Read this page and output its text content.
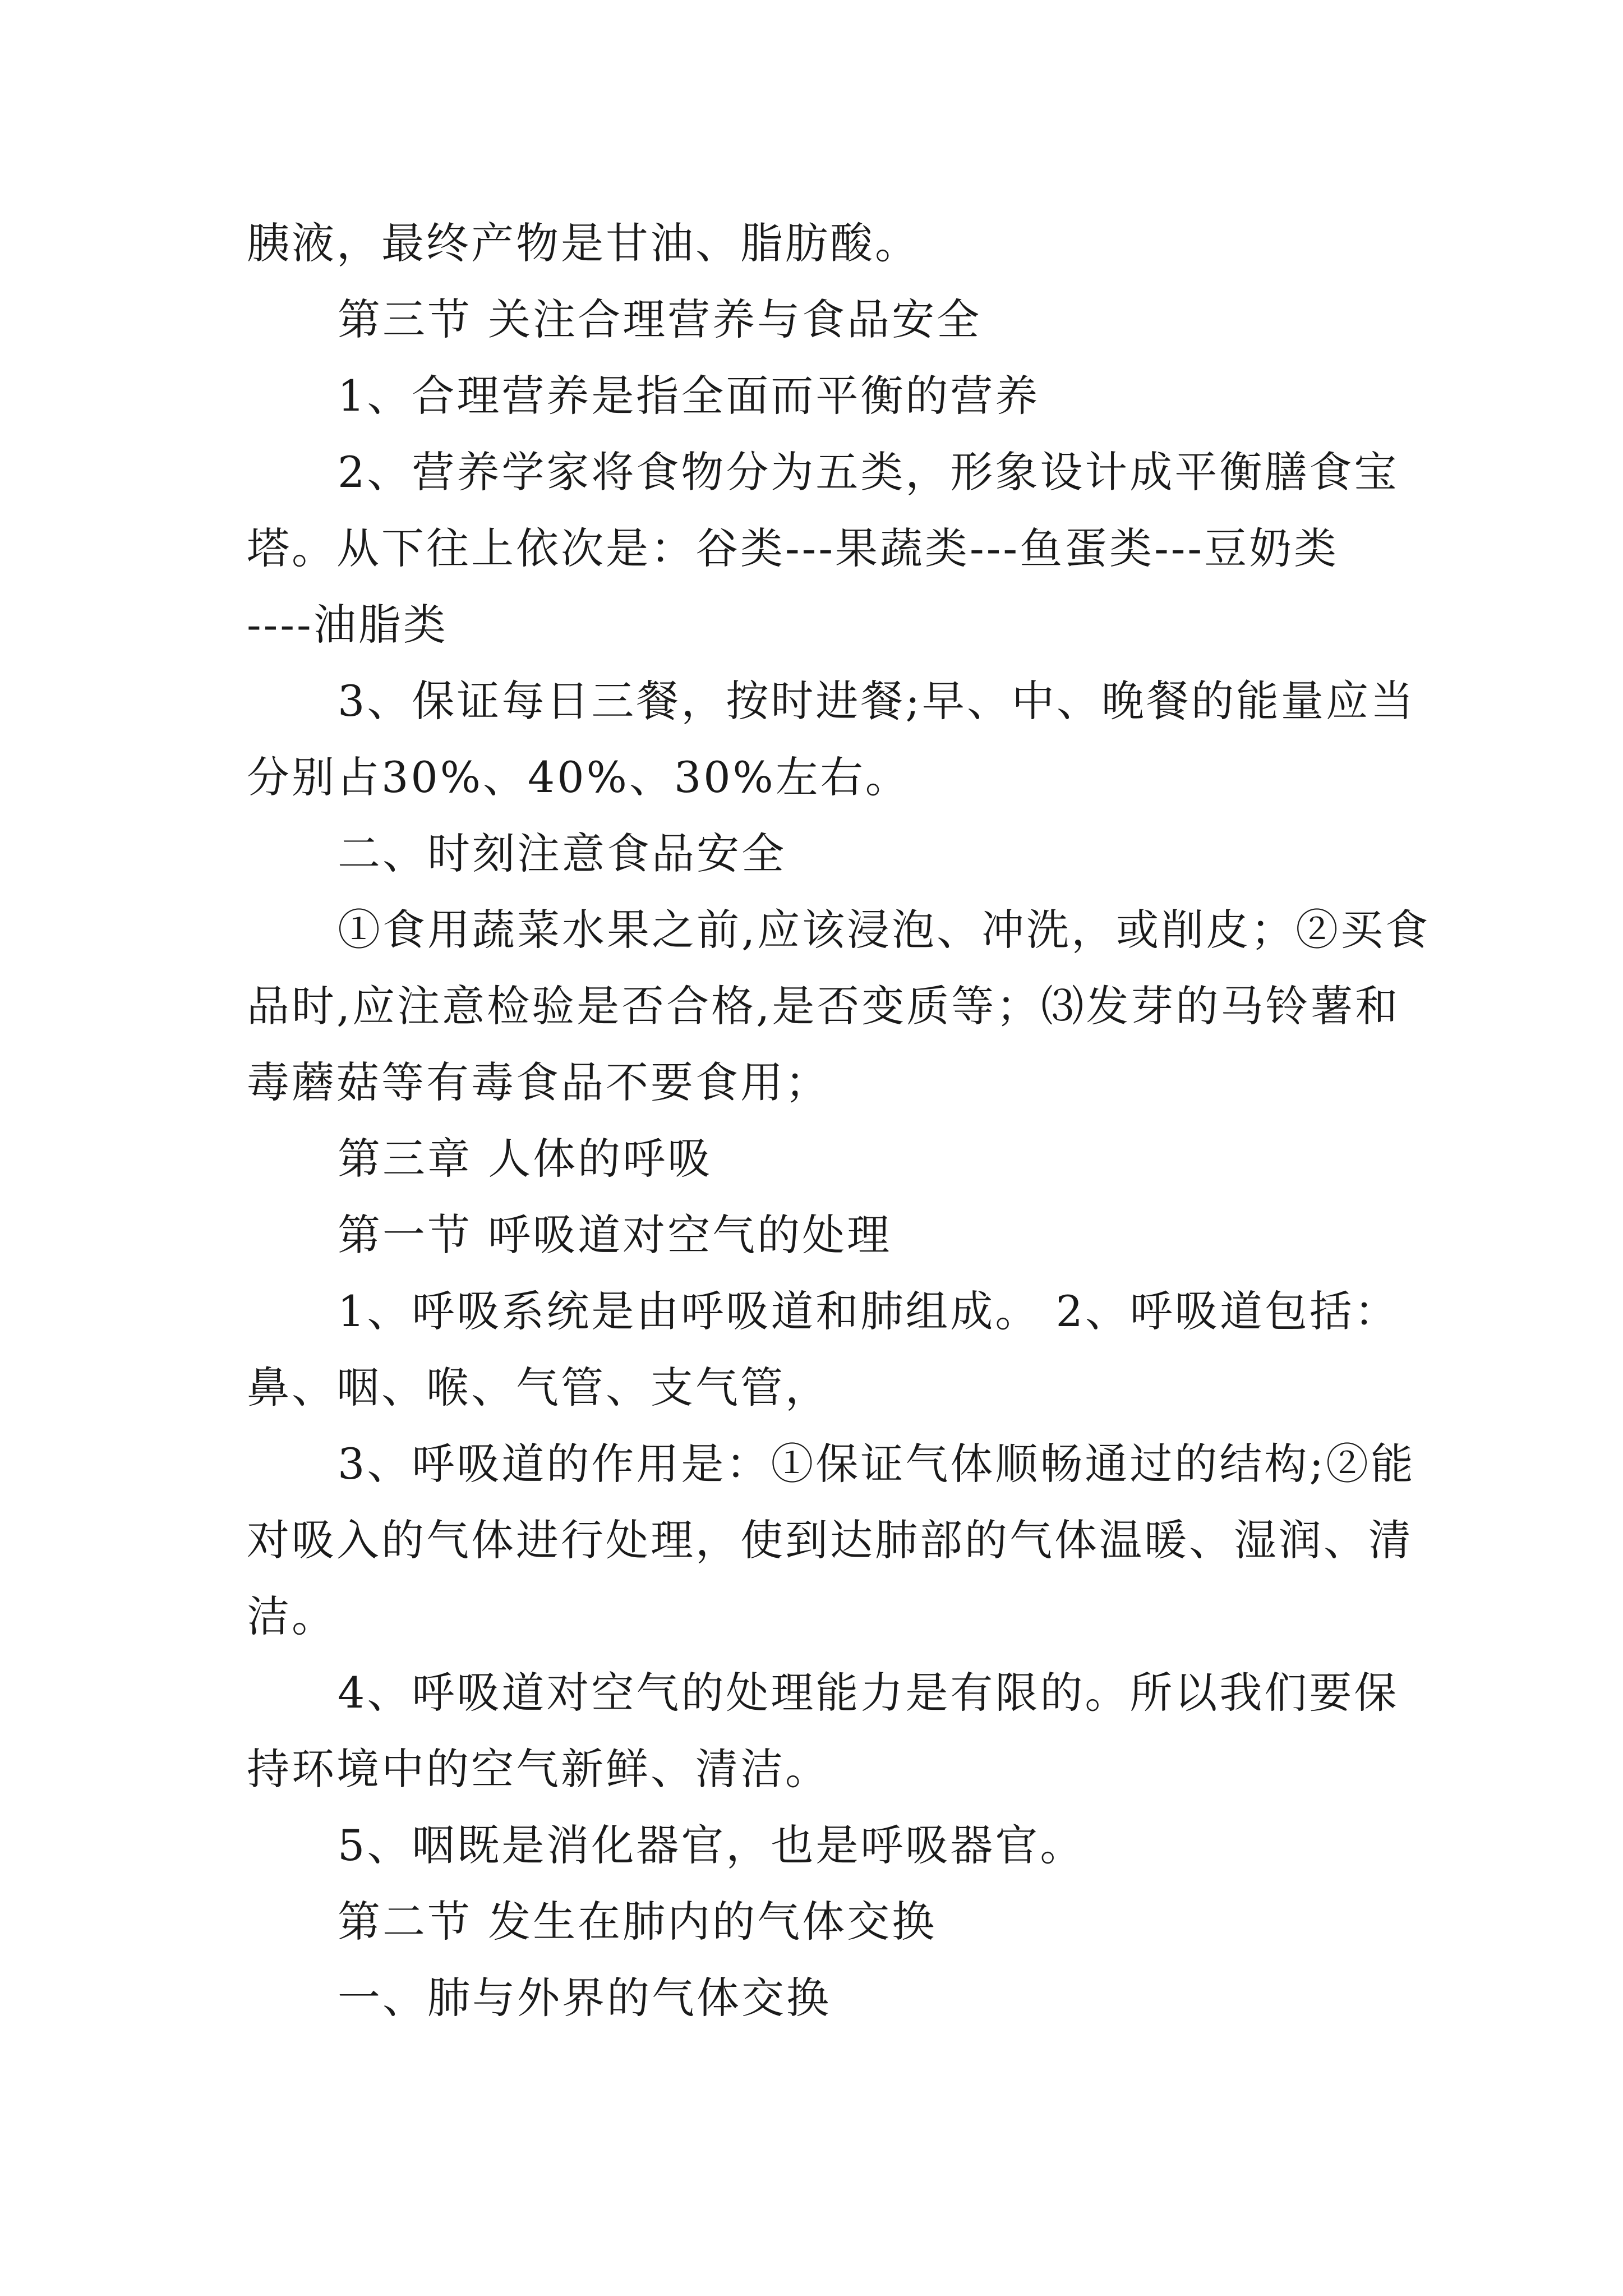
胰液，最终产物是甘油、脂肪酸。
第三节 关注合理营养与食品安全
1、合理营养是指全面而平衡的营养
2、营养学家将食物分为五类，形象设计成平衡膳食宝
塔。从下往上依次是：谷类---果蔬类---鱼蛋类---豆奶类
----油脂类
3、保证每日三餐，按时进餐;早、中、晚餐的能量应当
分别占30%、40%、30%左右。
二、时刻注意食品安全
①食用蔬菜水果之前,应该浸泡、冲洗，或削皮；②买食
品时,应注意检验是否合格,是否变质等；⑶发芽的马铃薯和
毒蘑菇等有毒食品不要食用；
第三章 人体的呼吸
第一节 呼吸道对空气的处理
1、呼吸系统是由呼吸道和肺组成。 2、呼吸道包括：
鼻、咽、喉、气管、支气管，
3、呼吸道的作用是：①保证气体顺畅通过的结构;②能
对吸入的气体进行处理，使到达肺部的气体温暖、湿润、清
洁。
4、呼吸道对空气的处理能力是有限的。所以我们要保
持环境中的空气新鲜、清洁。
5、咽既是消化器官，也是呼吸器官。
第二节 发生在肺内的气体交换
一、肺与外界的气体交换
